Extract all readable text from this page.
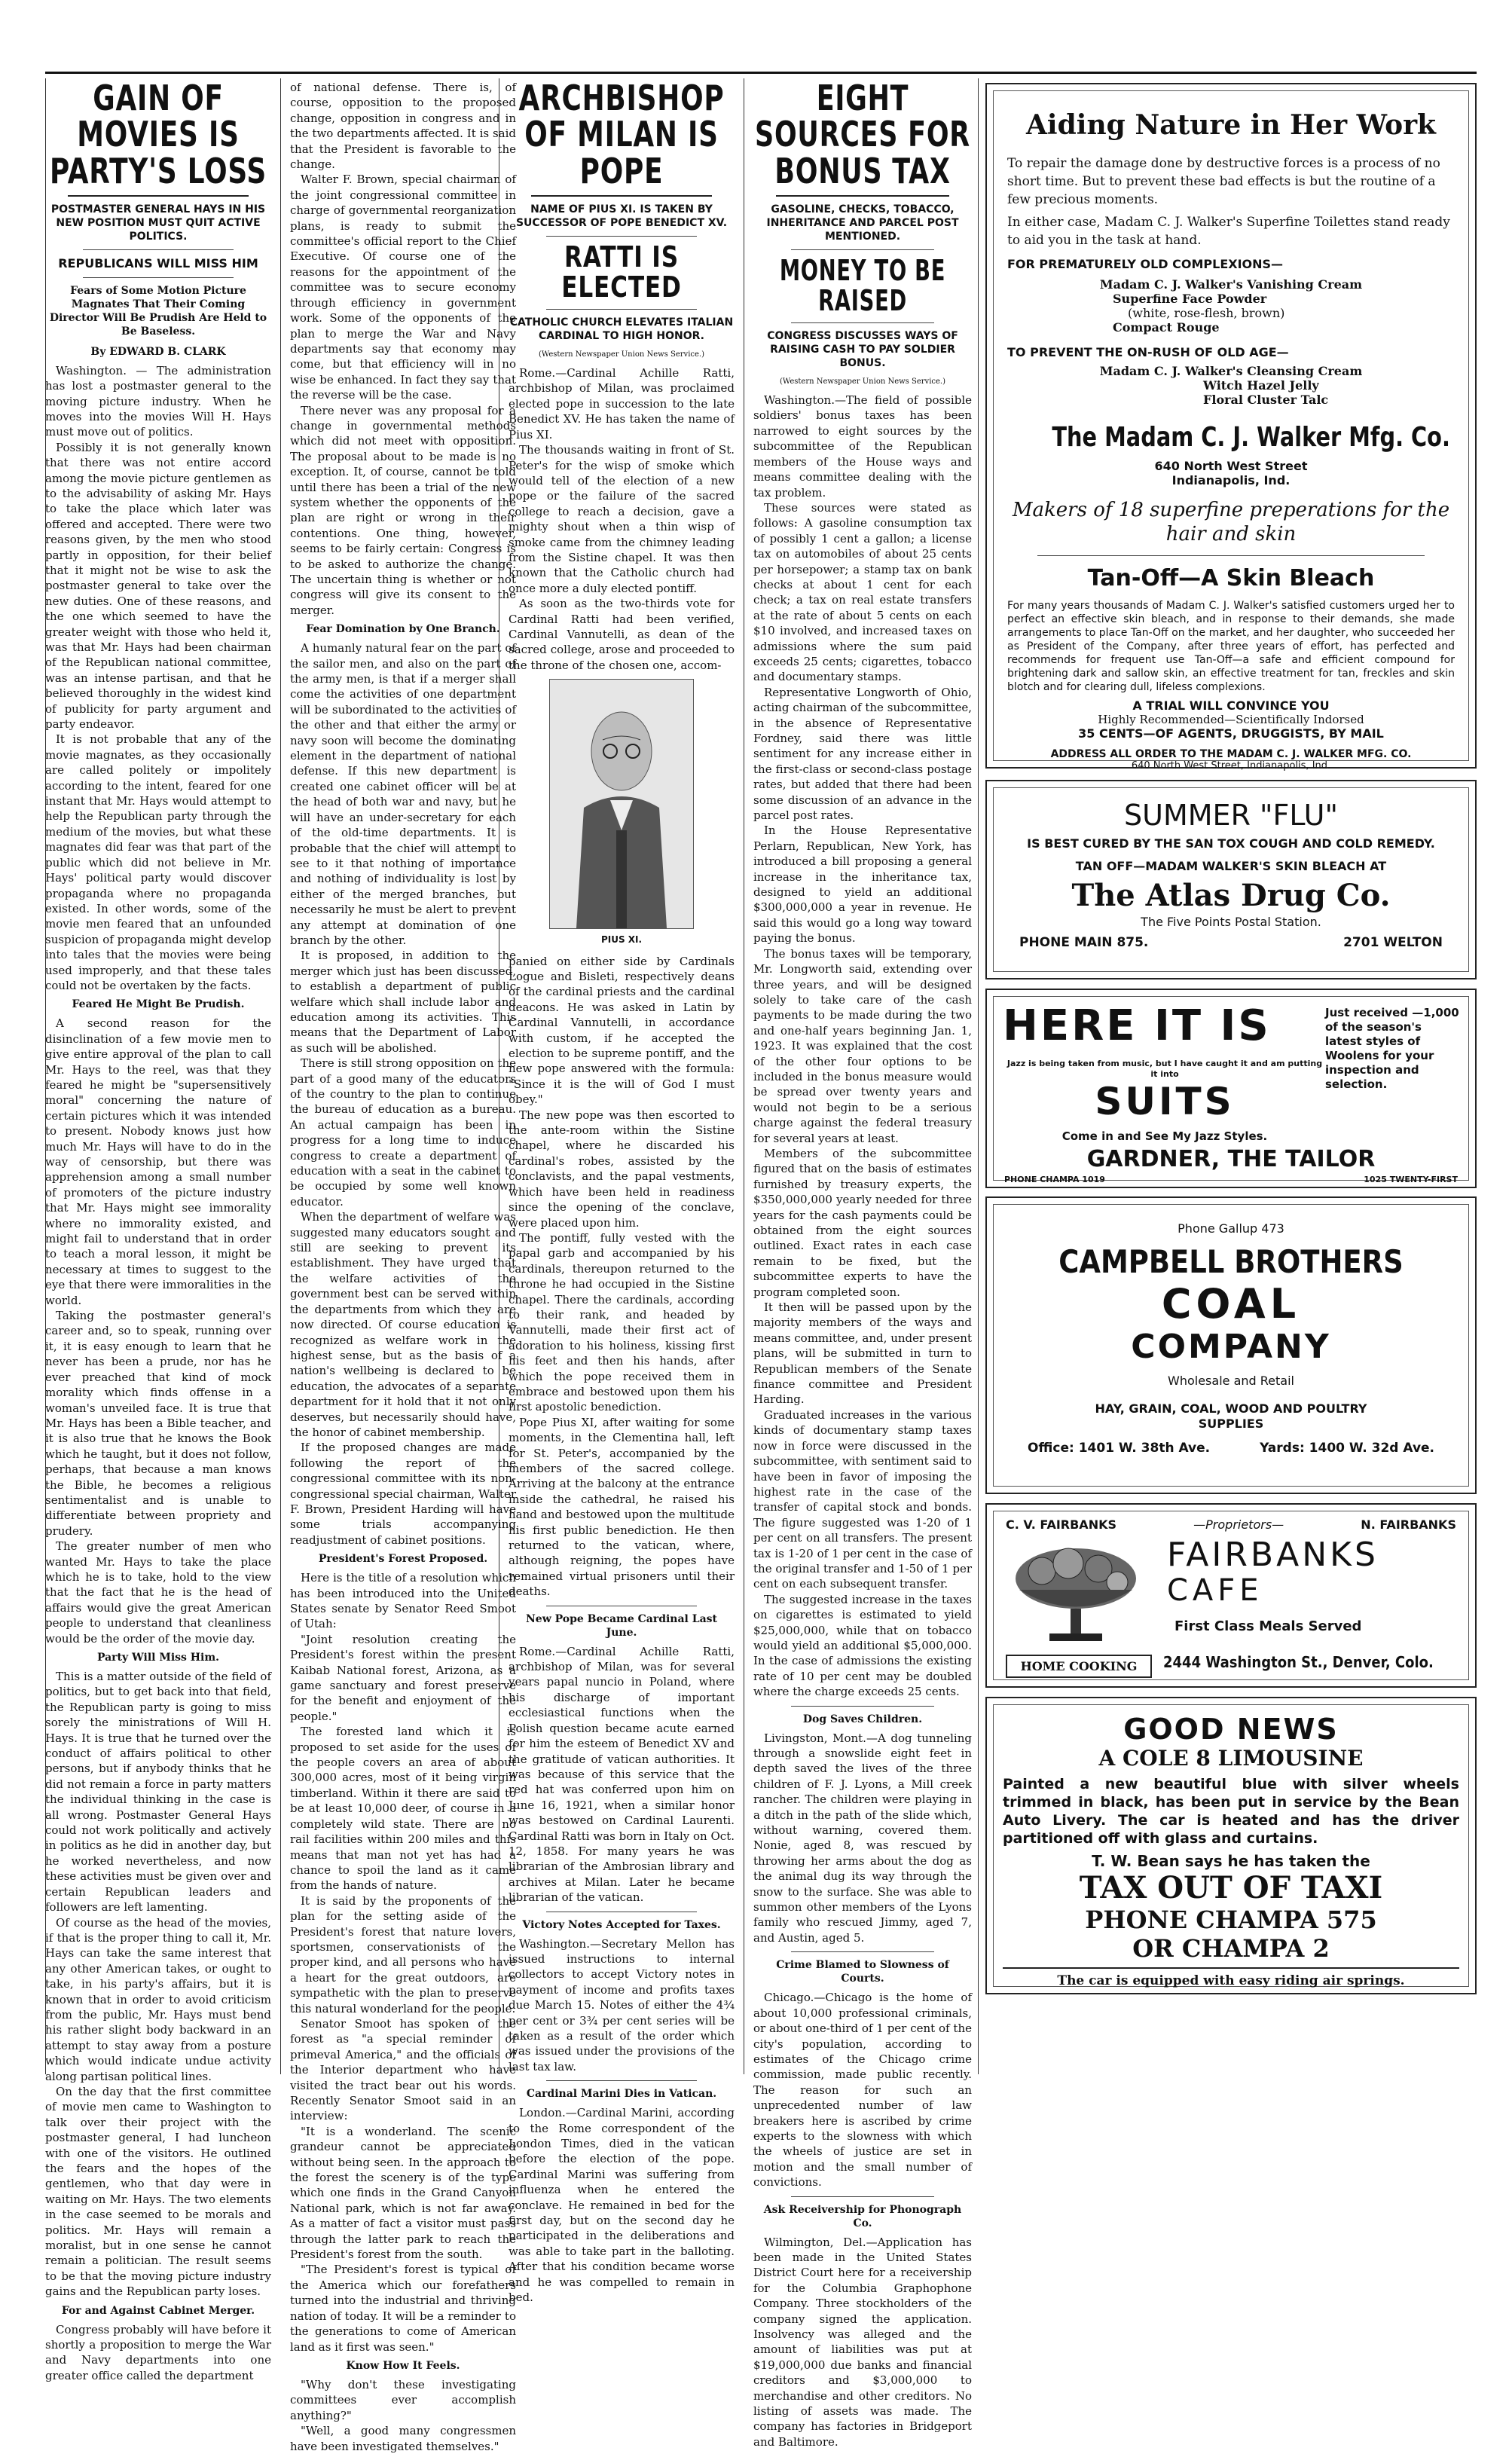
GAIN OF MOVIES IS PARTY'S LOSS
POSTMASTER GENERAL HAYS IN HIS NEW POSITION MUST QUIT ACTIVE POLITICS.
REPUBLICANS WILL MISS HIM
Fears of Some Motion Picture Magnates That Their Coming Director Will Be Prudish Are Held to Be Baseless.
By EDWARD B. CLARK

Washington. — The administration has lost a postmaster general to the moving picture industry. When he moves into the movies Will H. Hays must move out of politics.

Possibly it is not generally known that there was not entire accord among the movie picture gentlemen as to the advisability of asking Mr. Hays to take the place which later was offered and accepted. There were two reasons given, by the men who stood partly in opposition, for their belief that it might not be wise to ask the postmaster general to take over the new duties. One of these reasons, and the one which seemed to have the greater weight with those who held it, was that Mr. Hays had been chairman of the Republican national committee, was an intense partisan, and that he believed thoroughly in the widest kind of publicity for party argument and party endeavor.

It is not probable that any of the movie magnates, as they occasionally are called politely or impolitely according to the intent, feared for one instant that Mr. Hays would attempt to help the Republican party through the medium of the movies, but what these magnates did fear was that part of the public which did not believe in Mr. Hays' political party would discover propaganda where no propaganda existed. In other words, some of the movie men feared that an unfounded suspicion of propaganda might develop into tales that the movies were being used improperly, and that these tales could not be overtaken by the facts.

Feared He Might Be Prudish.

A second reason for the disinclination of a few movie men to give entire approval of the plan to call Mr. Hays to the reel, was that they feared he might be "supersensitively moral" concerning the nature of certain pictures which it was intended to present. Nobody knows just how much Mr. Hays will have to do in the way of censorship, but there was apprehension among a small number of promoters of the picture industry that Mr. Hays might see immorality where no immorality existed, and might fail to understand that in order to teach a moral lesson, it might be necessary at times to suggest to the eye that there were immoralities in the world.

Taking the postmaster general's career and, so to speak, running over it, it is easy enough to learn that he never has been a prude, nor has he ever preached that kind of mock morality which finds offense in a woman's unveiled face. It is true that Mr. Hays has been a Bible teacher, and it is also true that he knows the Book which he taught, but it does not follow, perhaps, that because a man knows the Bible, he becomes a religious sentimentalist and is unable to differentiate between propriety and prudery.

The greater number of men who wanted Mr. Hays to take the place which he is to take, hold to the view that the fact that he is the head of affairs would give the great American people to understand that cleanliness would be the order of the movie day.

Party Will Miss Him.

This is a matter outside of the field of politics, but to get back into that field, the Republican party is going to miss sorely the ministrations of Will H. Hays. It is true that he turned over the conduct of affairs political to other persons, but if anybody thinks that he did not remain a force in party matters the individual thinking in the case is all wrong. Postmaster General Hays could not work politically and actively in politics as he did in another day, but he worked nevertheless, and now these activities must be given over and certain Republican leaders and followers are left lamenting.

Of course as the head of the movies, if that is the proper thing to call it, Mr. Hays can take the same interest that any other American takes, or ought to take, in his party's affairs, but it is known that in order to avoid criticism from the public, Mr. Hays must bend his rather slight body backward in an attempt to stay away from a posture which would indicate undue activity along partisan political lines.

On the day that the first committee of movie men came to Washington to talk over their project with the postmaster general, I had luncheon with one of the visitors. He outlined the fears and the hopes of the gentlemen, who that day were in waiting on Mr. Hays. The two elements in the case seemed to be morals and politics. Mr. Hays will remain a moralist, but in one sense he cannot remain a politician. The result seems to be that the moving picture industry gains and the Republican party loses.

For and Against Cabinet Merger.

Congress probably will have before it shortly a proposition to merge the War and Navy departments into one greater office called the department

of national defense. There is, of course, opposition to the proposed change, opposition in congress and in the two departments affected. It is said that the President is favorable to the change.

Walter F. Brown, special chairman of the joint congressional committee in charge of governmental reorganization plans, is ready to submit the committee's official report to the Chief Executive. Of course one of the reasons for the appointment of the committee was to secure economy through efficiency in government work. Some of the opponents of the plan to merge the War and Navy departments say that economy may come, but that efficiency will in no wise be enhanced. In fact they say that the reverse will be the case.

There never was any proposal for a change in governmental methods which did not meet with opposition. The proposal about to be made is no exception. It, of course, cannot be told until there has been a trial of the new system whether the opponents of the plan are right or wrong in their contentions. One thing, however, seems to be fairly certain: Congress is to be asked to authorize the change. The uncertain thing is whether or not congress will give its consent to the merger.

Fear Domination by One Branch.

A humanly natural fear on the part of the sailor men, and also on the part of the army men, is that if a merger shall come the activities of one department will be subordinated to the activities of the other and that either the army or navy soon will become the dominating element in the department of national defense. If this new department is created one cabinet officer will be at the head of both war and navy, but he will have an under-secretary for each of the old-time departments. It is probable that the chief will attempt to see to it that nothing of importance and nothing of individuality is lost by either of the merged branches, but necessarily he must be alert to prevent any attempt at domination of one branch by the other.

It is proposed, in addition to the merger which just has been discussed, to establish a department of public welfare which shall include labor and education among its activities. This means that the Department of Labor as such will be abolished.

There is still strong opposition on the part of a good many of the educators of the country to the plan to continue the bureau of education as a bureau. An actual campaign has been in progress for a long time to induce congress to create a department of education with a seat in the cabinet to be occupied by some well known educator.

When the department of welfare was suggested many educators sought and still are seeking to prevent its establishment. They have urged that the welfare activities of the government best can be served within the departments from which they are now directed. Of course education is recognized as welfare work in the highest sense, but as the basis of a nation's wellbeing is declared to be education, the advocates of a separate department for it hold that it not only deserves, but necessarily should have, the honor of cabinet membership.

If the proposed changes are made following the report of the congressional committee with its non-congressional special chairman, Walter F. Brown, President Harding will have some trials accompanying readjustment of cabinet positions.

President's Forest Proposed.

Here is the title of a resolution which has been introduced into the United States senate by Senator Reed Smoot of Utah:

"Joint resolution creating the President's forest within the present Kaibab National forest, Arizona, as a game sanctuary and forest preserve for the benefit and enjoyment of the people."

The forested land which it is proposed to set aside for the uses of the people covers an area of about 300,000 acres, most of it being virgin timberland. Within it there are said to be at least 10,000 deer, of course in a completely wild state. There are no rail facilities within 200 miles and this means that man not yet has had a chance to spoil the land as it came from the hands of nature.

It is said by the proponents of the plan for the setting aside of the President's forest that nature lovers, sportsmen, conservationists of the proper kind, and all persons who have a heart for the great outdoors, are sympathetic with the plan to preserve this natural wonderland for the people.

Senator Smoot has spoken of the forest as "a special reminder of primeval America," and the officials of the Interior department who have visited the tract bear out his words. Recently Senator Smoot said in an interview:

"It is a wonderland. The scenic grandeur cannot be appreciated without being seen. In the approach to the forest the scenery is of the type which one finds in the Grand Canyon National park, which is not far away. As a matter of fact a visitor must pass through the latter park to reach the President's forest from the south.

"The President's forest is typical of the America which our forefathers turned into the industrial and thriving nation of today. It will be a reminder to the generations to come of American land as it first was seen."

Know How It Feels.

"Why don't these investigating committees ever accomplish anything?"

"Well, a good many congressmen have been investigated themselves."

ARCHBISHOP OF MILAN IS POPE
NAME OF PIUS XI. IS TAKEN BY SUCCESSOR OF POPE BENEDICT XV.
RATTI IS ELECTED
CATHOLIC CHURCH ELEVATES ITALIAN CARDINAL TO HIGH HONOR.
(Western Newspaper Union News Service.)

Rome.—Cardinal Achille Ratti, archbishop of Milan, was proclaimed elected pope in succession to the late Benedict XV. He has taken the name of Pius XI.

The thousands waiting in front of St. Peter's for the wisp of smoke which would tell of the election of a new pope or the failure of the sacred college to reach a decision, gave a mighty shout when a thin wisp of smoke came from the chimney leading from the Sistine chapel. It was then known that the Catholic church had once more a duly elected pontiff.

As soon as the two-thirds vote for Cardinal Ratti had been verified, Cardinal Vannutelli, as dean of the sacred college, arose and proceeded to the throne of the chosen one, accom-

PIUS XI.

panied on either side by Cardinals Logue and Bisleti, respectively deans of the cardinal priests and the cardinal deacons. He was asked in Latin by Cardinal Vannutelli, in accordance with custom, if he accepted the election to be supreme pontiff, and the new pope answered with the formula: "Since it is the will of God I must obey."

The new pope was then escorted to the ante-room within the Sistine chapel, where he discarded his cardinal's robes, assisted by the conclavists, and the papal vestments, which have been held in readiness since the opening of the conclave, were placed upon him.

The pontiff, fully vested with the papal garb and accompanied by his cardinals, thereupon returned to the throne he had occupied in the Sistine chapel. There the cardinals, according to their rank, and headed by Vannutelli, made their first act of adoration to his holiness, kissing first his feet and then his hands, after which the pope received them in embrace and bestowed upon them his first apostolic benediction.

Pope Pius XI, after waiting for some moments, in the Clementina hall, left for St. Peter's, accompanied by the members of the sacred college. Arriving at the balcony at the entrance inside the cathedral, he raised his hand and bestowed upon the multitude his first public benediction. He then returned to the vatican, where, although reigning, the popes have remained virtual prisoners until their deaths.

New Pope Became Cardinal Last June.

Rome.—Cardinal Achille Ratti, archbishop of Milan, was for several years papal nuncio in Poland, where his discharge of important ecclesiastical functions when the Polish question became acute earned for him the esteem of Benedict XV and the gratitude of vatican authorities. It was because of this service that the red hat was conferred upon him on June 16, 1921, when a similar honor was bestowed on Cardinal Laurenti. Cardinal Ratti was born in Italy on Oct. 12, 1858. For many years he was librarian of the Ambrosian library and archives at Milan. Later he became librarian of the vatican.

Victory Notes Accepted for Taxes.

Washington.—Secretary Mellon has issued instructions to internal collectors to accept Victory notes in payment of income and profits taxes due March 15. Notes of either the 4¾ per cent or 3¾ per cent series will be taken as a result of the order which was issued under the provisions of the last tax law.

Cardinal Marini Dies in Vatican.

London.—Cardinal Marini, according to the Rome correspondent of the London Times, died in the vatican before the election of the pope. Cardinal Marini was suffering from influenza when he entered the conclave. He remained in bed for the first day, but on the second day he participated in the deliberations and was able to take part in the balloting. After that his condition became worse and he was compelled to remain in bed.

EIGHT SOURCES FOR BONUS TAX
GASOLINE, CHECKS, TOBACCO, INHERITANCE AND PARCEL POST MENTIONED.
MONEY TO BE RAISED
CONGRESS DISCUSSES WAYS OF RAISING CASH TO PAY SOLDIER BONUS.
(Western Newspaper Union News Service.)

Washington.—The field of possible soldiers' bonus taxes has been narrowed to eight sources by the subcommittee of the Republican members of the House ways and means committee dealing with the tax problem.

These sources were stated as follows: A gasoline consumption tax of possibly 1 cent a gallon; a license tax on automobiles of about 25 cents per horsepower; a stamp tax on bank checks at about 1 cent for each check; a tax on real estate transfers at the rate of about 5 cents on each $10 involved, and increased taxes on admissions where the sum paid exceeds 25 cents; cigarettes, tobacco and documentary stamps.

Representative Longworth of Ohio, acting chairman of the subcommittee, in the absence of Representative Fordney, said there was little sentiment for any increase either in the first-class or second-class postage rates, but added that there had been some discussion of an advance in the parcel post rates.

In the House Representative Perlarn, Republican, New York, has introduced a bill proposing a general increase in the inheritance tax, designed to yield an additional $300,000,000 a year in revenue. He said this would go a long way toward paying the bonus.

The bonus taxes will be temporary, Mr. Longworth said, extending over three years, and will be designed solely to take care of the cash payments to be made during the two and one-half years beginning Jan. 1, 1923. It was explained that the cost of the other four options to be included in the bonus measure would be spread over twenty years and would not begin to be a serious charge against the federal treasury for several years at least.

Members of the subcommittee figured that on the basis of estimates furnished by treasury experts, the $350,000,000 yearly needed for three years for the cash payments could be obtained from the eight sources outlined. Exact rates in each case remain to be fixed, but the subcommittee experts to have the program completed soon.

It then will be passed upon by the majority members of the ways and means committee, and, under present plans, will be submitted in turn to Republican members of the Senate finance committee and President Harding.

Graduated increases in the various kinds of documentary stamp taxes now in force were discussed in the subcommittee, with sentiment said to have been in favor of imposing the highest rate in the case of the transfer of capital stock and bonds. The figure suggested was 1-20 of 1 per cent on all transfers. The present tax is 1-20 of 1 per cent in the case of the original transfer and 1-50 of 1 per cent on each subsequent transfer.

The suggested increase in the taxes on cigarettes is estimated to yield $25,000,000, while that on tobacco would yield an additional $5,000,000. In the case of admissions the existing rate of 10 per cent may be doubled where the charge exceeds 25 cents.

Dog Saves Children.

Livingston, Mont.—A dog tunneling through a snowslide eight feet in depth saved the lives of the three children of F. J. Lyons, a Mill creek rancher. The children were playing in a ditch in the path of the slide which, without warning, covered them. Nonie, aged 8, was rescued by throwing her arms about the dog as the animal dug its way through the snow to the surface. She was able to summon other members of the Lyons family who rescued Jimmy, aged 7, and Austin, aged 5.

Crime Blamed to Slowness of Courts.

Chicago.—Chicago is the home of about 10,000 professional criminals, or about one-third of 1 per cent of the city's population, according to estimates of the Chicago crime commission, made public recently. The reason for such an unprecedented number of law breakers here is ascribed by crime experts to the slowness with which the wheels of justice are set in motion and the small number of convictions.

Ask Receivership for Phonograph Co.

Wilmington, Del.—Application has been made in the United States District Court here for a receivership for the Columbia Graphophone Company. Three stockholders of the company signed the application. Insolvency was alleged and the amount of liabilities was put at $19,000,000 due banks and financial creditors and $3,000,000 to merchandise and other creditors. No listing of assets was made. The company has factories in Bridgeport and Baltimore.

Aiding Nature in Her Work
To repair the damage done by destructive forces is a process of no short time. But to prevent these bad effects is but the routine of a few precious moments.
In either case, Madam C. J. Walker's Superfine Toilettes stand ready to aid you in the task at hand.
FOR PREMATURELY OLD COMPLEXIONS—
Madam C. J. Walker's Vanishing Cream
Superfine Face Powder
(white, rose-flesh, brown)
Compact Rouge
TO PREVENT THE ON-RUSH OF OLD AGE—
Madam C. J. Walker's Cleansing Cream
Witch Hazel Jelly
Floral Cluster Talc
The Madam C. J. Walker Mfg. Co.
640 North West Street
Indianapolis, Ind.
Makers of 18 superfine preperations for the hair and skin
Tan-Off—A Skin Bleach
For many years thousands of Madam C. J. Walker's satisfied customers urged her to perfect an effective skin bleach, and in response to their demands, she made arrangements to place Tan-Off on the market, and her daughter, who succeeded her as President of the Company, after three years of effort, has perfected and recommends for frequent use Tan-Off—a safe and efficient compound for brightening dark and sallow skin, an effective treatment for tan, freckles and skin blotch and for clearing dull, lifeless complexions.
A TRIAL WILL CONVINCE YOU
Highly Recommended—Scientifically Indorsed
35 CENTS—OF AGENTS, DRUGGISTS, BY MAIL
ADDRESS ALL ORDER TO THE MADAM C. J. WALKER MFG. CO.
640 North West Street, Indianapolis, Ind.
SUMMER "FLU"
IS BEST CURED BY THE SAN TOX COUGH AND COLD REMEDY.
TAN OFF—MADAM WALKER'S SKIN BLEACH AT
The Atlas Drug Co.
The Five Points Postal Station.
PHONE MAIN 875.	2701 WELTON
HERE IT IS	Just received —1,000 of the season's latest styles of Woolens for your inspection and selection.
Jazz is being taken from music, but I have caught it and am putting it into
SUITS
Come in and See My Jazz Styles.
GARDNER, THE TAILOR
PHONE CHAMPA 1019	1025 TWENTY-FIRST
Phone Gallup 473
CAMPBELL BROTHERS
COAL
COMPANY
Wholesale and Retail
HAY, GRAIN, COAL, WOOD AND POULTRY SUPPLIES
Office: 1401 W. 38th Ave.	Yards: 1400 W. 32d Ave.
C. V. FAIRBANKS	—Proprietors—	N. FAIRBANKS
HOME COOKING
FAIRBANKS
CAFE
First Class Meals Served
2444 Washington St., Denver, Colo.
GOOD NEWS
A COLE 8 LIMOUSINE
Painted a new beautiful blue with silver wheels trimmed in black, has been put in service by the Bean Auto Livery. The car is heated and has the driver partitioned off with glass and curtains.
T. W. Bean says he has taken the
TAX OUT OF TAXI
PHONE CHAMPA 575
OR CHAMPA 2
The car is equipped with easy riding air springs.
